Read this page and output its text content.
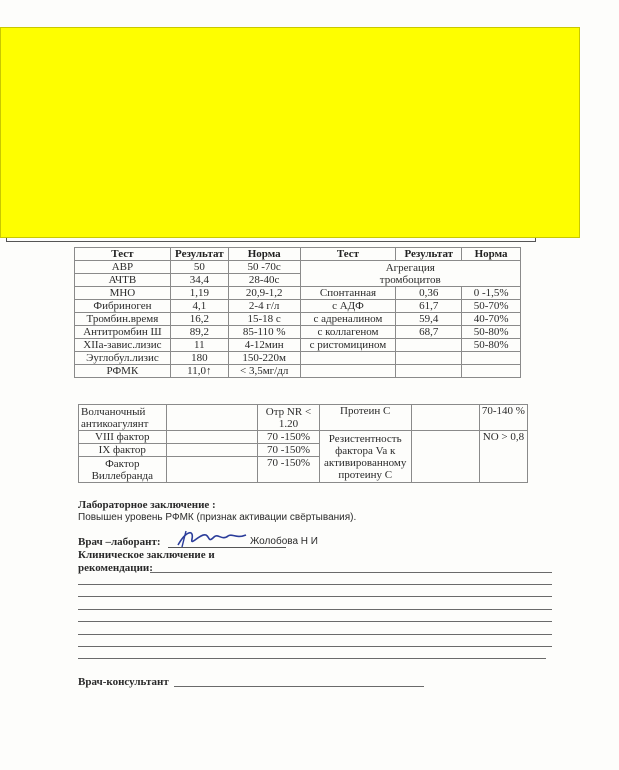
Тест	Результат	Норма	Тест	Результат	Норма
АВР	50	50 -70с	Агрегация тромбоцитов		

АЧТВ	34,4	28-40с			
МНО	1,19	20,9-1,2	Спонтанная	0,36	0 -1,5%
Фибриноген	4,1	2-4 г/л	с АДФ	61,7	50-70%
Тромбин.время	16,2	15-18 с	с адреналином	59,4	40-70%
Антитромбин Ш	89,2	85-110 %	с коллагеном	68,7	50-80%
XIIа-завис.лизис	11	4-12мин	с ристомицином		50-80%
Эуглобул.лизис	180	150-220м			
РФМК	11,0↑	< 3,5мг/дл			
Волчаночный антикоагулянт		Отр NR < 1.20	Протеин С		70-140 %
VIII фактор		70 -150%	Резистентность фактора Va к активированному протеину С		NO > 0,8
IX фактор		70 -150%			
Фактор Виллебранда		70 -150%			
Лабораторное заключение :
Повышен уровень РФМК (признак активации свёртывания).
Врач –лаборант:	Жолобова Н И
Клиническое заключение и
рекомендации:
Врач-консультант
